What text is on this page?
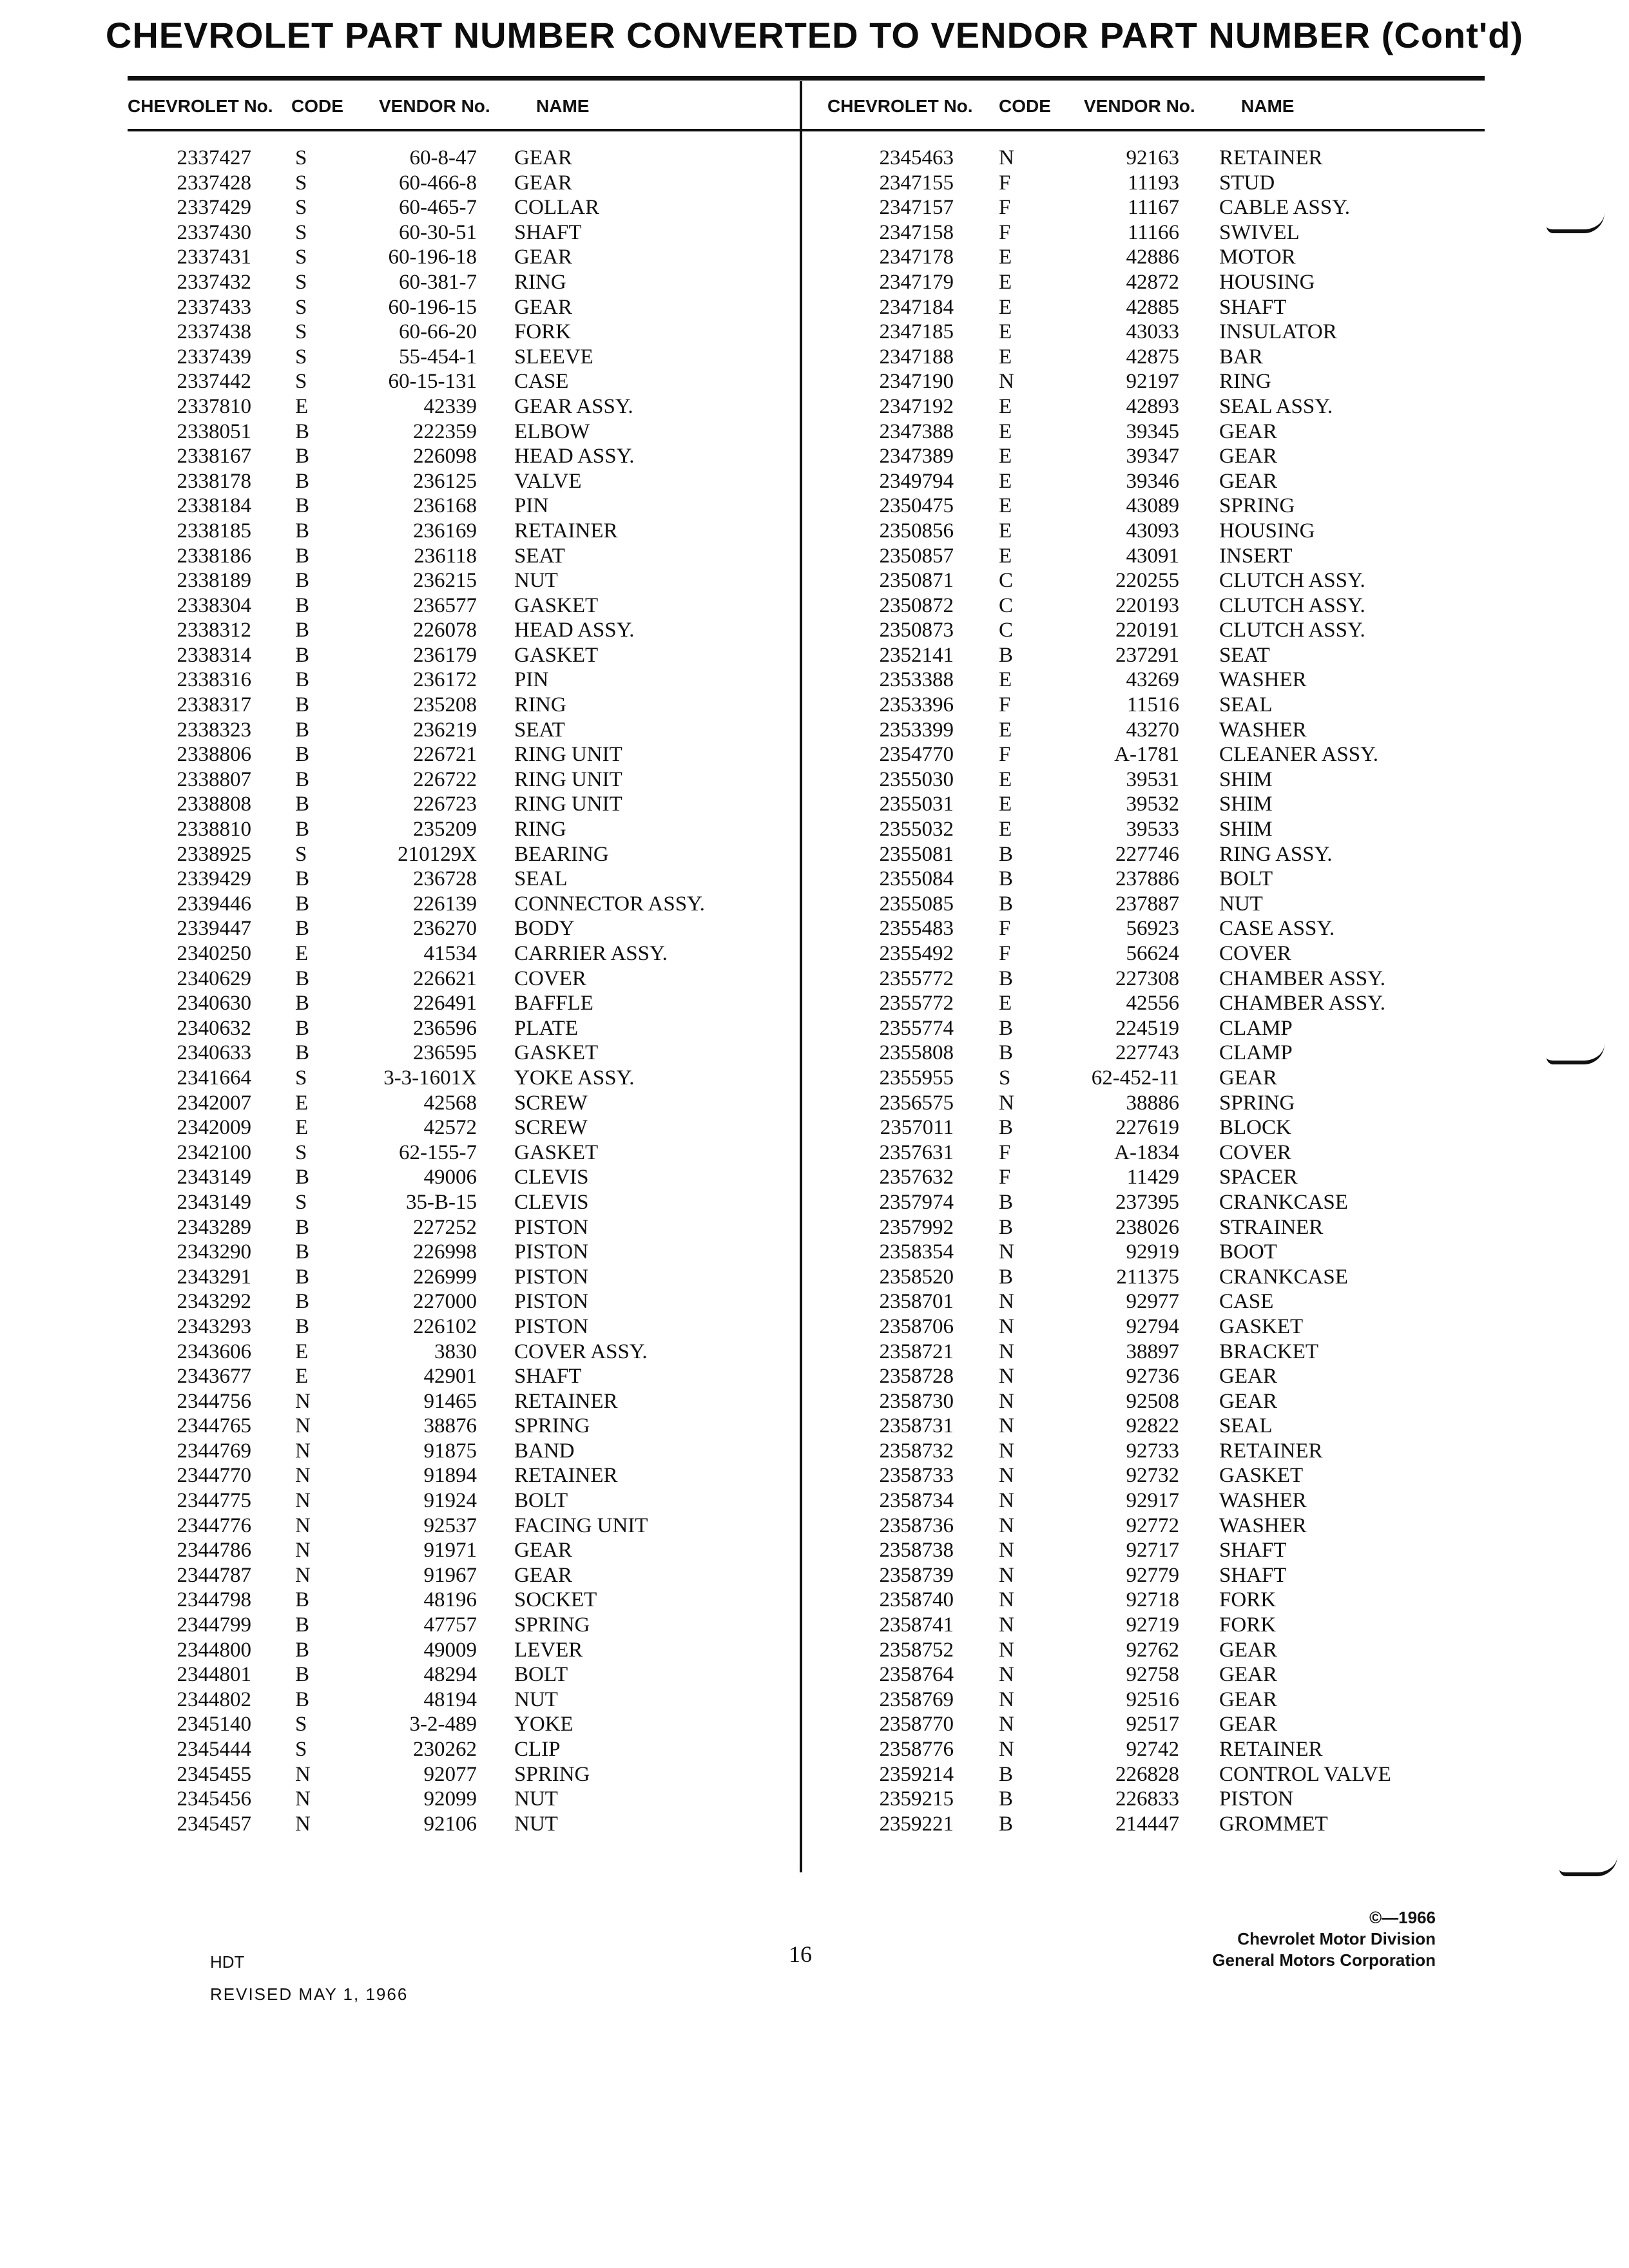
CHEVROLET PART NUMBER CONVERTED TO VENDOR PART NUMBER (Cont'd)
CHEVROLET No. CODE VENDOR No.	NAME	CHEVROLET No. CODE VENDOR No.	NAME
2337427 S	60-8-47 GEAR
2337428 S	60-466-8 GEAR
2337429 S	60-465-7 COLLAR
2337430 S	60-30-51 SHAFT
2337431 S	60-196-18 GEAR
2337432 S	60-381-7 RING
2337433 S	60-196-15 GEAR
2337438 S	60-66-20 FORK
2337439 S	55-454-1 SLEEVE
2337442 S	60-15-131 CASE
2337810 E	42339 GEAR ASSY.
2338051 B	222359 ELBOW
2338167 B	226098 HEAD ASSY.
2338178 B	236125 VALVE
2338184 B	236168 PIN
2338185 B	236169 RETAINER
2338186 B	236118 SEAT
2338189 B	236215 NUT
2338304 B	236577 GASKET
2338312 B	226078 HEAD ASSY.
2338314 B	236179 GASKET
2338316 B	236172 PIN
2338317 B	235208 RING
2338323 B	236219 SEAT
2338806 B	226721 RING UNIT
2338807 B	226722 RING UNIT
2338808 B	226723 RING UNIT
2338810 B	235209 RING
2338925 S	210129X BEARING
2339429 B	236728 SEAL
2339446 B	226139 CONNECTOR ASSY.
2339447 B	236270 BODY
2340250 E	41534 CARRIER ASSY.
2340629 B	226621 COVER
2340630 B	226491 BAFFLE
2340632 B	236596 PLATE
2340633 B	236595 GASKET
2341664 S	3-3-1601X YOKE ASSY.
2342007 E	42568 SCREW
2342009 E	42572 SCREW
2342100 S	62-155-7 GASKET
2343149 B	49006 CLEVIS
2343149 S	35-B-15 CLEVIS
2343289 B	227252 PISTON
2343290 B	226998 PISTON
2343291 B	226999 PISTON
2343292 B	227000 PISTON
2343293 B	226102 PISTON
2343606 E	3830 COVER ASSY.
2343677 E	42901 SHAFT
2344756 N	91465 RETAINER
2344765 N	38876 SPRING
2344769 N	91875 BAND
2344770 N	91894 RETAINER
2344775 N	91924 BOLT
2344776 N	92537 FACING UNIT
2344786 N	91971 GEAR
2344787 N	91967 GEAR
2344798 B	48196 SOCKET
2344799 B	47757 SPRING
2344800 B	49009 LEVER
2344801 B	48294 BOLT
2344802 B	48194 NUT
2345140 S	3-2-489 YOKE
2345444 S	230262 CLIP
2345455 N	92077 SPRING
2345456 N	92099 NUT
2345457 N	92106 NUT
2345463 N	92163 RETAINER
2347155 F	11193 STUD
2347157 F	11167 CABLE ASSY.
2347158 F	11166 SWIVEL
2347178 E	42886 MOTOR
2347179 E	42872 HOUSING
2347184 E	42885 SHAFT
2347185 E	43033 INSULATOR
2347188 E	42875 BAR
2347190 N	92197 RING
2347192 E	42893 SEAL ASSY.
2347388 E	39345 GEAR
2347389 E	39347 GEAR
2349794 E	39346 GEAR
2350475 E	43089 SPRING
2350856 E	43093 HOUSING
2350857 E	43091 INSERT
2350871 C	220255 CLUTCH ASSY.
2350872 C	220193 CLUTCH ASSY.
2350873 C	220191 CLUTCH ASSY.
2352141 B	237291 SEAT
2353388 E	43269 WASHER
2353396 F	11516 SEAL
2353399 E	43270 WASHER
2354770 F	A-1781 CLEANER ASSY.
2355030 E	39531 SHIM
2355031 E	39532 SHIM
2355032 E	39533 SHIM
2355081 B	227746 RING ASSY.
2355084 B	237886 BOLT
2355085 B	237887 NUT
2355483 F	56923 CASE ASSY.
2355492 F	56624 COVER
2355772 B	227308 CHAMBER ASSY.
2355772 E	42556 CHAMBER ASSY.
2355774 B	224519 CLAMP
2355808 B	227743 CLAMP
2355955 S	62-452-11 GEAR
2356575 N	38886 SPRING
2357011 B	227619 BLOCK
2357631 F	A-1834 COVER
2357632 F	11429 SPACER
2357974 B	237395 CRANKCASE
2357992 B	238026 STRAINER
2358354 N	92919 BOOT
2358520 B	211375 CRANKCASE
2358701 N	92977 CASE
2358706 N	92794 GASKET
2358721 N	38897 BRACKET
2358728 N	92736 GEAR
2358730 N	92508 GEAR
2358731 N	92822 SEAL
2358732 N	92733 RETAINER
2358733 N	92732 GASKET
2358734 N	92917 WASHER
2358736 N	92772 WASHER
2358738 N	92717 SHAFT
2358739 N	92779 SHAFT
2358740 N	92718 FORK
2358741 N	92719 FORK
2358752 N	92762 GEAR
2358764 N	92758 GEAR
2358769 N	92516 GEAR
2358770 N	92517 GEAR
2358776 N	92742 RETAINER
2359214 B	226828 CONTROL VALVE
2359215 B	226833 PISTON
2359221 B	214447 GROMMET
16
HDT
REVISED MAY 1, 1966
©—1966
Chevrolet Motor Division
General Motors Corporation
